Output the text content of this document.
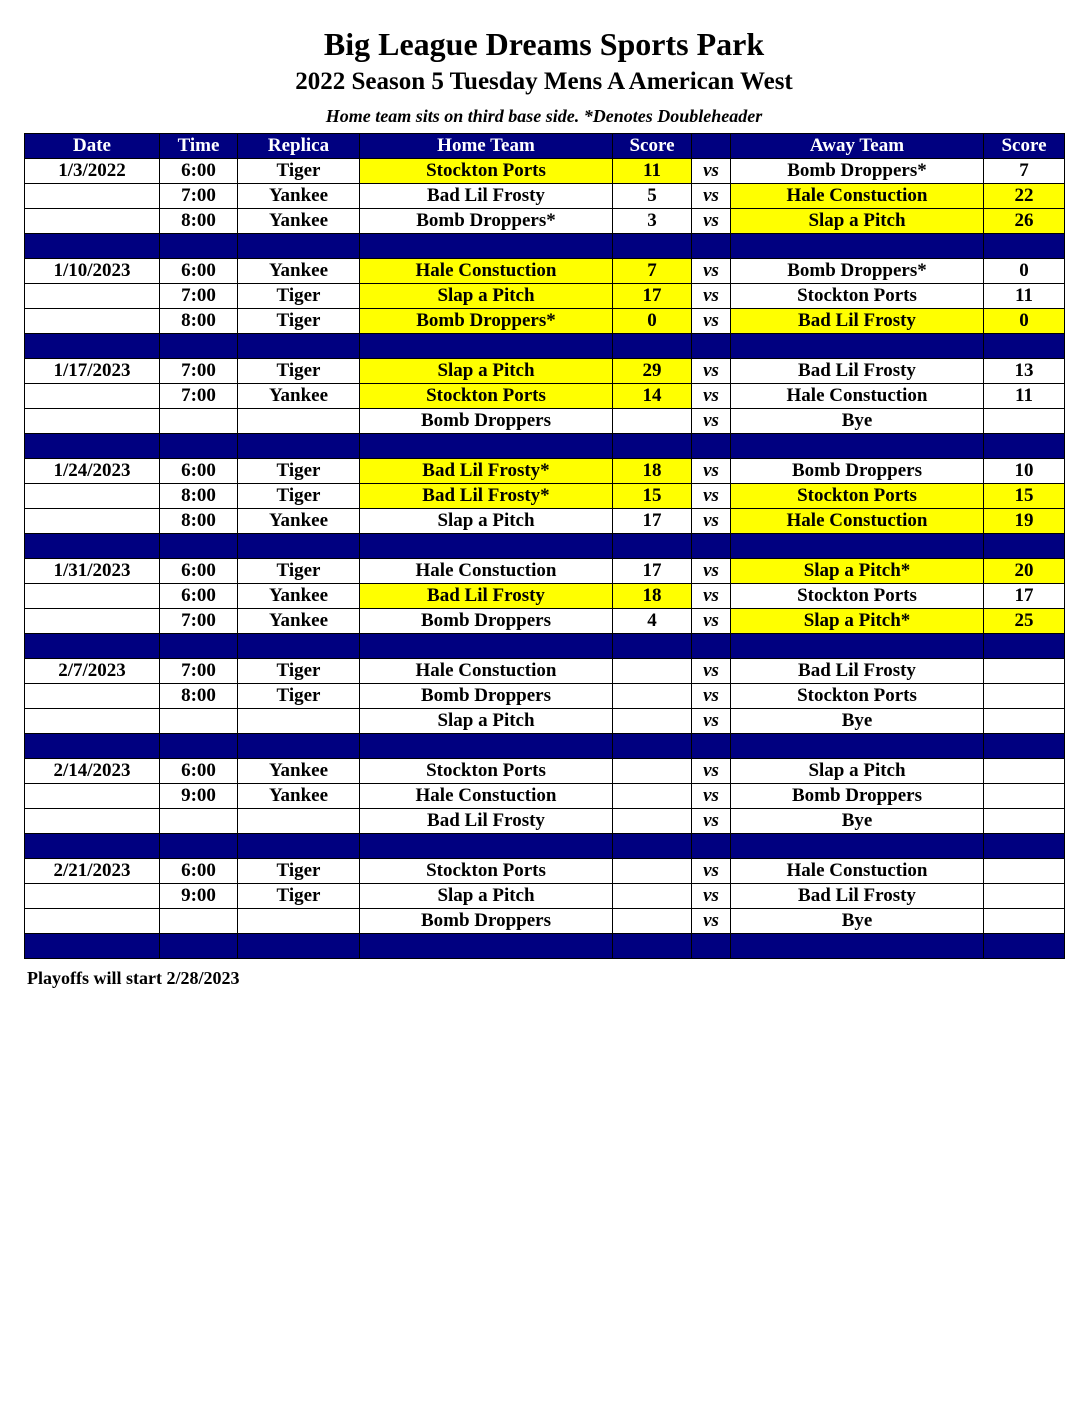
Big League Dreams Sports Park
2022 Season 5 Tuesday Mens A American West
Home team sits on third base side. *Denotes Doubleheader
Date	Time	Replica	Home Team	Score		Away Team	Score
1/3/2022	6:00	Tiger	Stockton Ports	11	vs	Bomb Droppers*	7
	7:00	Yankee	Bad Lil Frosty	5	vs	Hale Constuction	22
	8:00	Yankee	Bomb Droppers*	3	vs	Slap a Pitch	26

1/10/2023	6:00	Yankee	Hale Constuction	7	vs	Bomb Droppers*	0
	7:00	Tiger	Slap a Pitch	17	vs	Stockton Ports	11
	8:00	Tiger	Bomb Droppers*	0	vs	Bad Lil Frosty	0

1/17/2023	7:00	Tiger	Slap a Pitch	29	vs	Bad Lil Frosty	13
	7:00	Yankee	Stockton Ports	14	vs	Hale Constuction	11
			Bomb Droppers		vs	Bye	

1/24/2023	6:00	Tiger	Bad Lil Frosty*	18	vs	Bomb Droppers	10
	8:00	Tiger	Bad Lil Frosty*	15	vs	Stockton Ports	15
	8:00	Yankee	Slap a Pitch	17	vs	Hale Constuction	19

1/31/2023	6:00	Tiger	Hale Constuction	17	vs	Slap a Pitch*	20
	6:00	Yankee	Bad Lil Frosty	18	vs	Stockton Ports	17
	7:00	Yankee	Bomb Droppers	4	vs	Slap a Pitch*	25

2/7/2023	7:00	Tiger	Hale Constuction		vs	Bad Lil Frosty	
	8:00	Tiger	Bomb Droppers		vs	Stockton Ports	
			Slap a Pitch		vs	Bye	

2/14/2023	6:00	Yankee	Stockton Ports		vs	Slap a Pitch	
	9:00	Yankee	Hale Constuction		vs	Bomb Droppers	
			Bad Lil Frosty		vs	Bye	

2/21/2023	6:00	Tiger	Stockton Ports		vs	Hale Constuction	
	9:00	Tiger	Slap a Pitch		vs	Bad Lil Frosty	
			Bomb Droppers		vs	Bye	

Playoffs will start 2/28/2023
